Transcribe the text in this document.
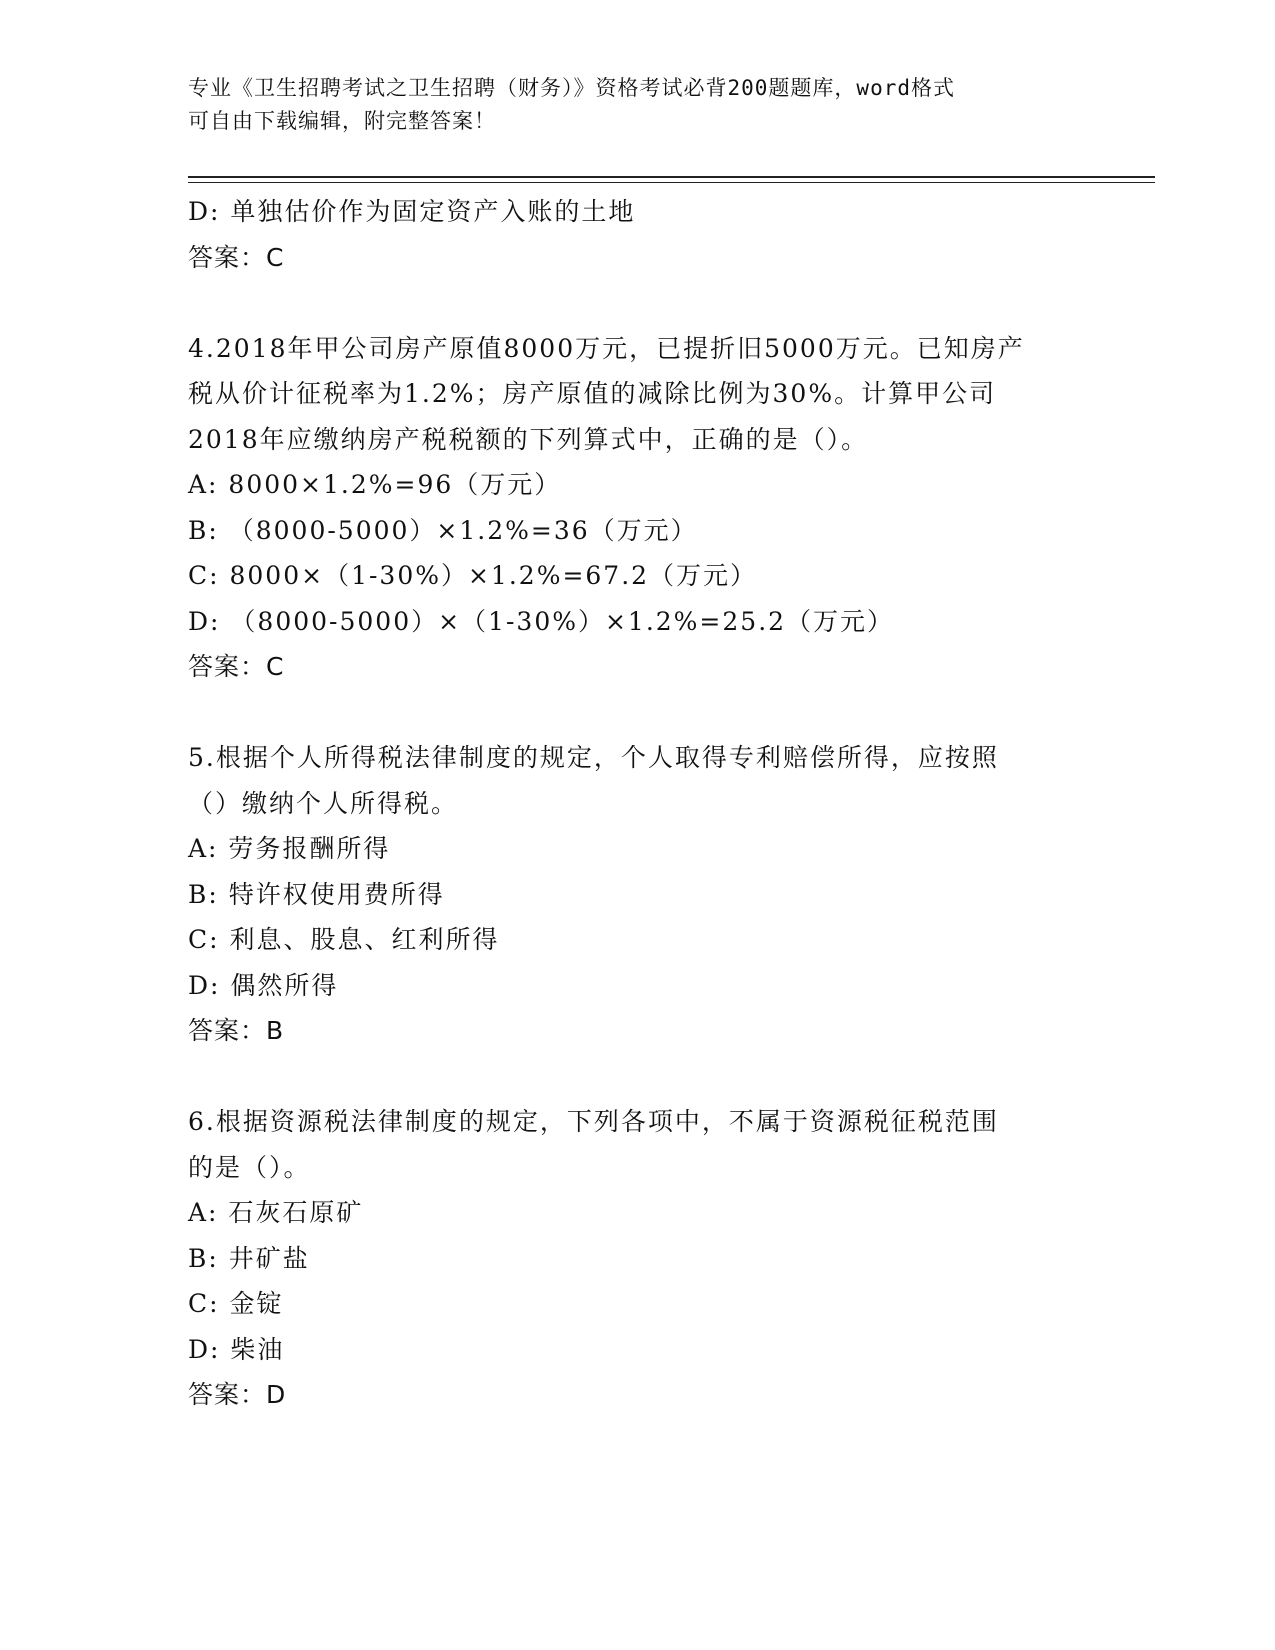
专业《卫生招聘考试之卫生招聘（财务）》资格考试必背200题题库，word格式
可自由下载编辑，附完整答案！
D: 单独估价作为固定资产入账的土地
答案：C
4.2018年甲公司房产原值8000万元，已提折旧5000万元。已知房产
税从价计征税率为1.2%；房产原值的减除比例为30%。计算甲公司
2018年应缴纳房产税税额的下列算式中，正确的是（）。
A: 8000×1.2%=96（万元）
B: （8000-5000）×1.2%=36（万元）
C: 8000×（1-30%）×1.2%=67.2（万元）
D: （8000-5000）×（1-30%）×1.2%=25.2（万元）
答案：C
5.根据个人所得税法律制度的规定，个人取得专利赔偿所得，应按照
（）缴纳个人所得税。
A: 劳务报酬所得
B: 特许权使用费所得
C: 利息、股息、红利所得
D: 偶然所得
答案：B
6.根据资源税法律制度的规定，下列各项中，不属于资源税征税范围
的是（）。
A: 石灰石原矿
B: 井矿盐
C: 金锭
D: 柴油
答案：D
